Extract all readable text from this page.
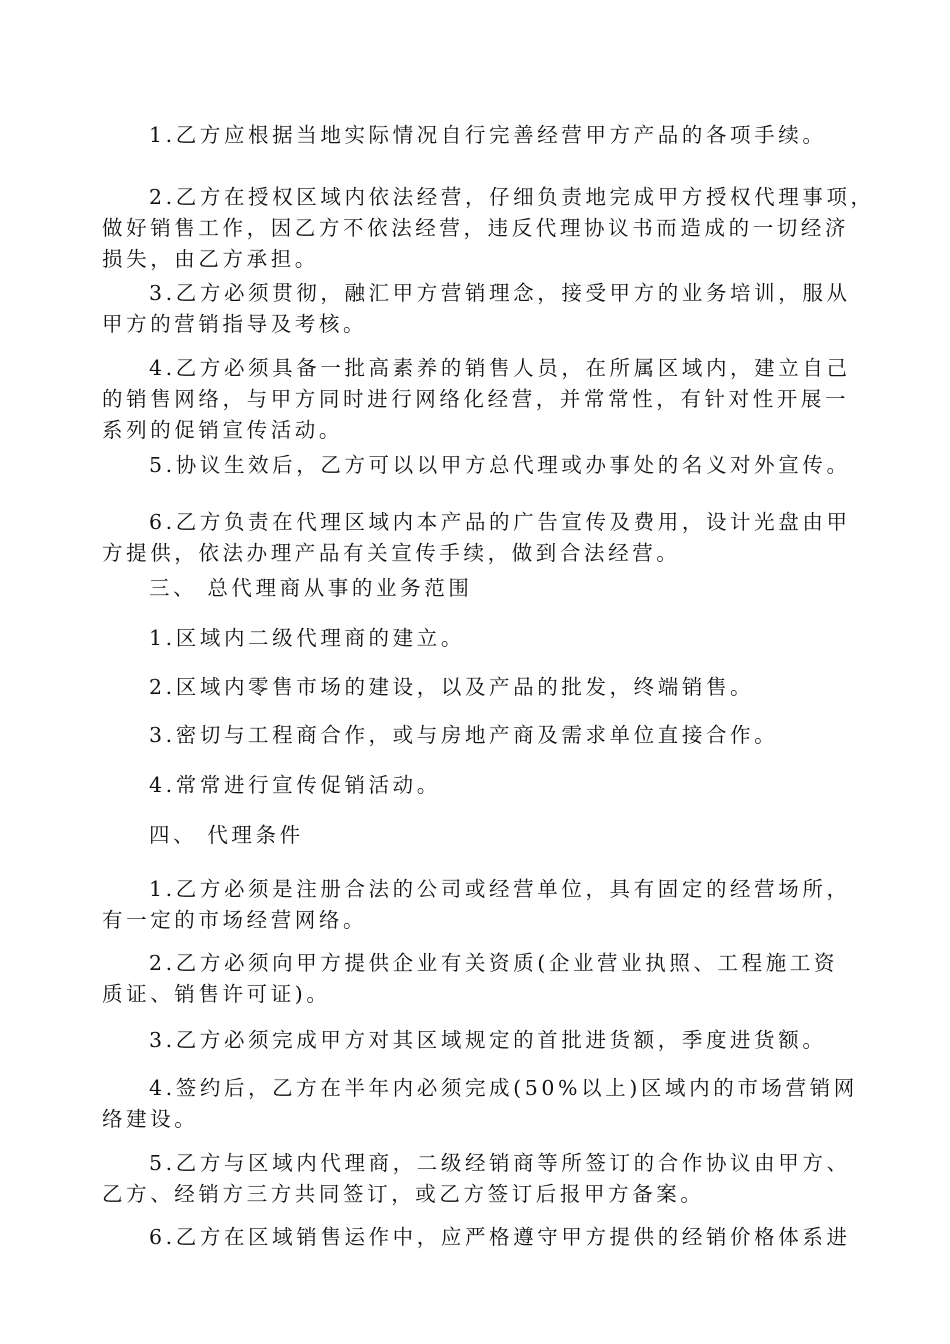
1.乙方应根据当地实际情况自行完善经营甲方产品的各项手续。
2.乙方在授权区域内依法经营，仔细负责地完成甲方授权代理事项，
做好销售工作，因乙方不依法经营，违反代理协议书而造成的一切经济
损失，由乙方承担。
3.乙方必须贯彻，融汇甲方营销理念，接受甲方的业务培训，服从
甲方的营销指导及考核。
4.乙方必须具备一批高素养的销售人员，在所属区域内，建立自己
的销售网络，与甲方同时进行网络化经营，并常常性，有针对性开展一
系列的促销宣传活动。
5.协议生效后，乙方可以以甲方总代理或办事处的名义对外宣传。
6.乙方负责在代理区域内本产品的广告宣传及费用，设计光盘由甲
方提供，依法办理产品有关宣传手续，做到合法经营。
三、 总代理商从事的业务范围
1.区域内二级代理商的建立。
2.区域内零售市场的建设，以及产品的批发，终端销售。
3.密切与工程商合作，或与房地产商及需求单位直接合作。
4.常常进行宣传促销活动。
四、 代理条件
1.乙方必须是注册合法的公司或经营单位，具有固定的经营场所，
有一定的市场经营网络。
2.乙方必须向甲方提供企业有关资质(企业营业执照、工程施工资
质证、销售许可证)。
3.乙方必须完成甲方对其区域规定的首批进货额，季度进货额。
4.签约后，乙方在半年内必须完成(50%以上)区域内的市场营销网
络建设。
5.乙方与区域内代理商，二级经销商等所签订的合作协议由甲方、
乙方、经销方三方共同签订，或乙方签订后报甲方备案。
6.乙方在区域销售运作中，应严格遵守甲方提供的经销价格体系进
